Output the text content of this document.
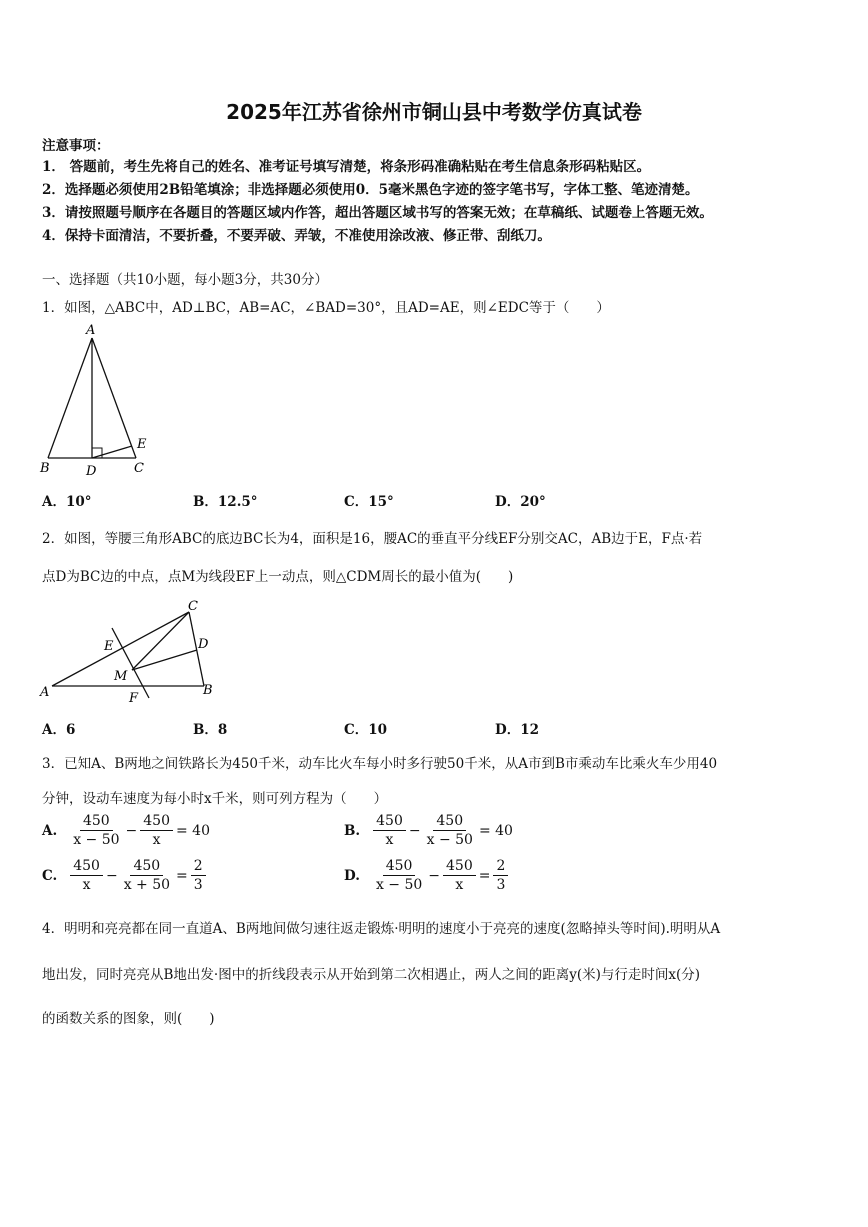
2025年江苏省徐州市铜山县中考数学仿真试卷
注意事项：
1． 答题前，考生先将自己的姓名、准考证号填写清楚，将条形码准确粘贴在考生信息条形码粘贴区。
2．选择题必须使用2B铅笔填涂；非选择题必须使用0．5毫米黑色字迹的签字笔书写，字体工整、笔迹清楚。
3．请按照题号顺序在各题目的答题区域内作答，超出答题区域书写的答案无效；在草稿纸、试题卷上答题无效。
4．保持卡面清洁，不要折叠，不要弄破、弄皱，不准使用涂改液、修正带、刮纸刀。
一、选择题（共10小题，每小题3分，共30分）
1．如图，△ABC中，AD⊥BC，AB=AC，∠BAD=30°，且AD=AE，则∠EDC等于（　　）
A
B	D	C
E
A．10°	B．12.5°	C．15°	D．20°
2．如图，等腰三角形ABC的底边BC长为4，面积是16，腰AC的垂直平分线EF分别交AC，AB边于E，F点·若
点D为BC边的中点，点M为线段EF上一动点，则△CDM周长的最小值为(　　)
C
E	D
M
A	F
B
A．6	B．8	C．10	D．12
3．已知A、B两地之间铁路长为450千米，动车比火车每小时多行驶50千米，从A市到B市乘动车比乘火车少用40
分钟，设动车速度为每小时x千米，则可列方程为（　　）
A. $\frac{450}{x - 50} - \frac{450}{x} = 40$	B. $\frac{450}{x} - \frac{450}{x - 50} = 40$
C. $\frac{450}{x} - \frac{450}{x + 50} = \frac{2}{3}$	D. $\frac{450}{x - 50} - \frac{450}{x} = \frac{2}{3}$
4．明明和亮亮都在同一直道A、B两地间做匀速往返走锻炼·明明的速度小于亮亮的速度(忽略掉头等时间).明明从A
地出发，同时亮亮从B地出发·图中的折线段表示从开始到第二次相遇止，两人之间的距离y(米)与行走时间x(分)
的函数关系的图象，则(　　)
